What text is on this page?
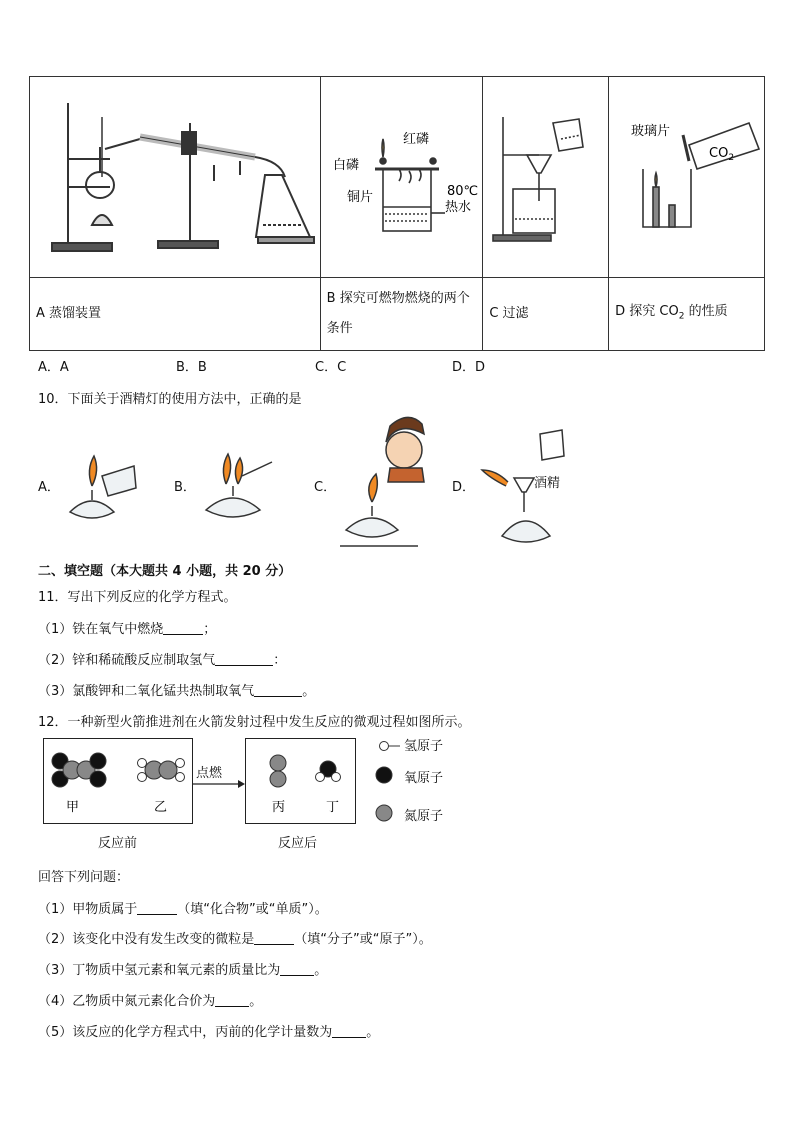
红磷
白磷
铜片 80℃
热水		玻璃片
$CO_2$

A 蒸馏装置	B 探究可燃物燃烧的两个条件	C 过滤	D 探究 $CO_2$ 的性质
A．A	B．B	C．C	D．D
10．下面关于酒精灯的使用方法中，正确的是
A．	B．	C．	D．	酒精
二、填空题（本大题共 4 小题，共 20 分）
11．写出下列反应的化学方程式。
（1）铁在氧气中燃烧	；
（2）锌和稀硫酸反应制取氢气	：
（3）氯酸钾和二氧化锰共热制取氧气	。
12．一种新型火箭推进剂在火箭发射过程中发生反应的微观过程如图所示。
甲	乙
点燃
丙	丁
反应前	反应后
氢原子
氧原子
氮原子
回答下列问题：
（1）甲物质属于	（填“化合物”或“单质”）。
（2）该变化中没有发生改变的微粒是	（填“分子”或“原子”）。
（3）丁物质中氢元素和氧元素的质量比为	。
（4）乙物质中氮元素化合价为	。
（5）该反应的化学方程式中，丙前的化学计量数为	。
